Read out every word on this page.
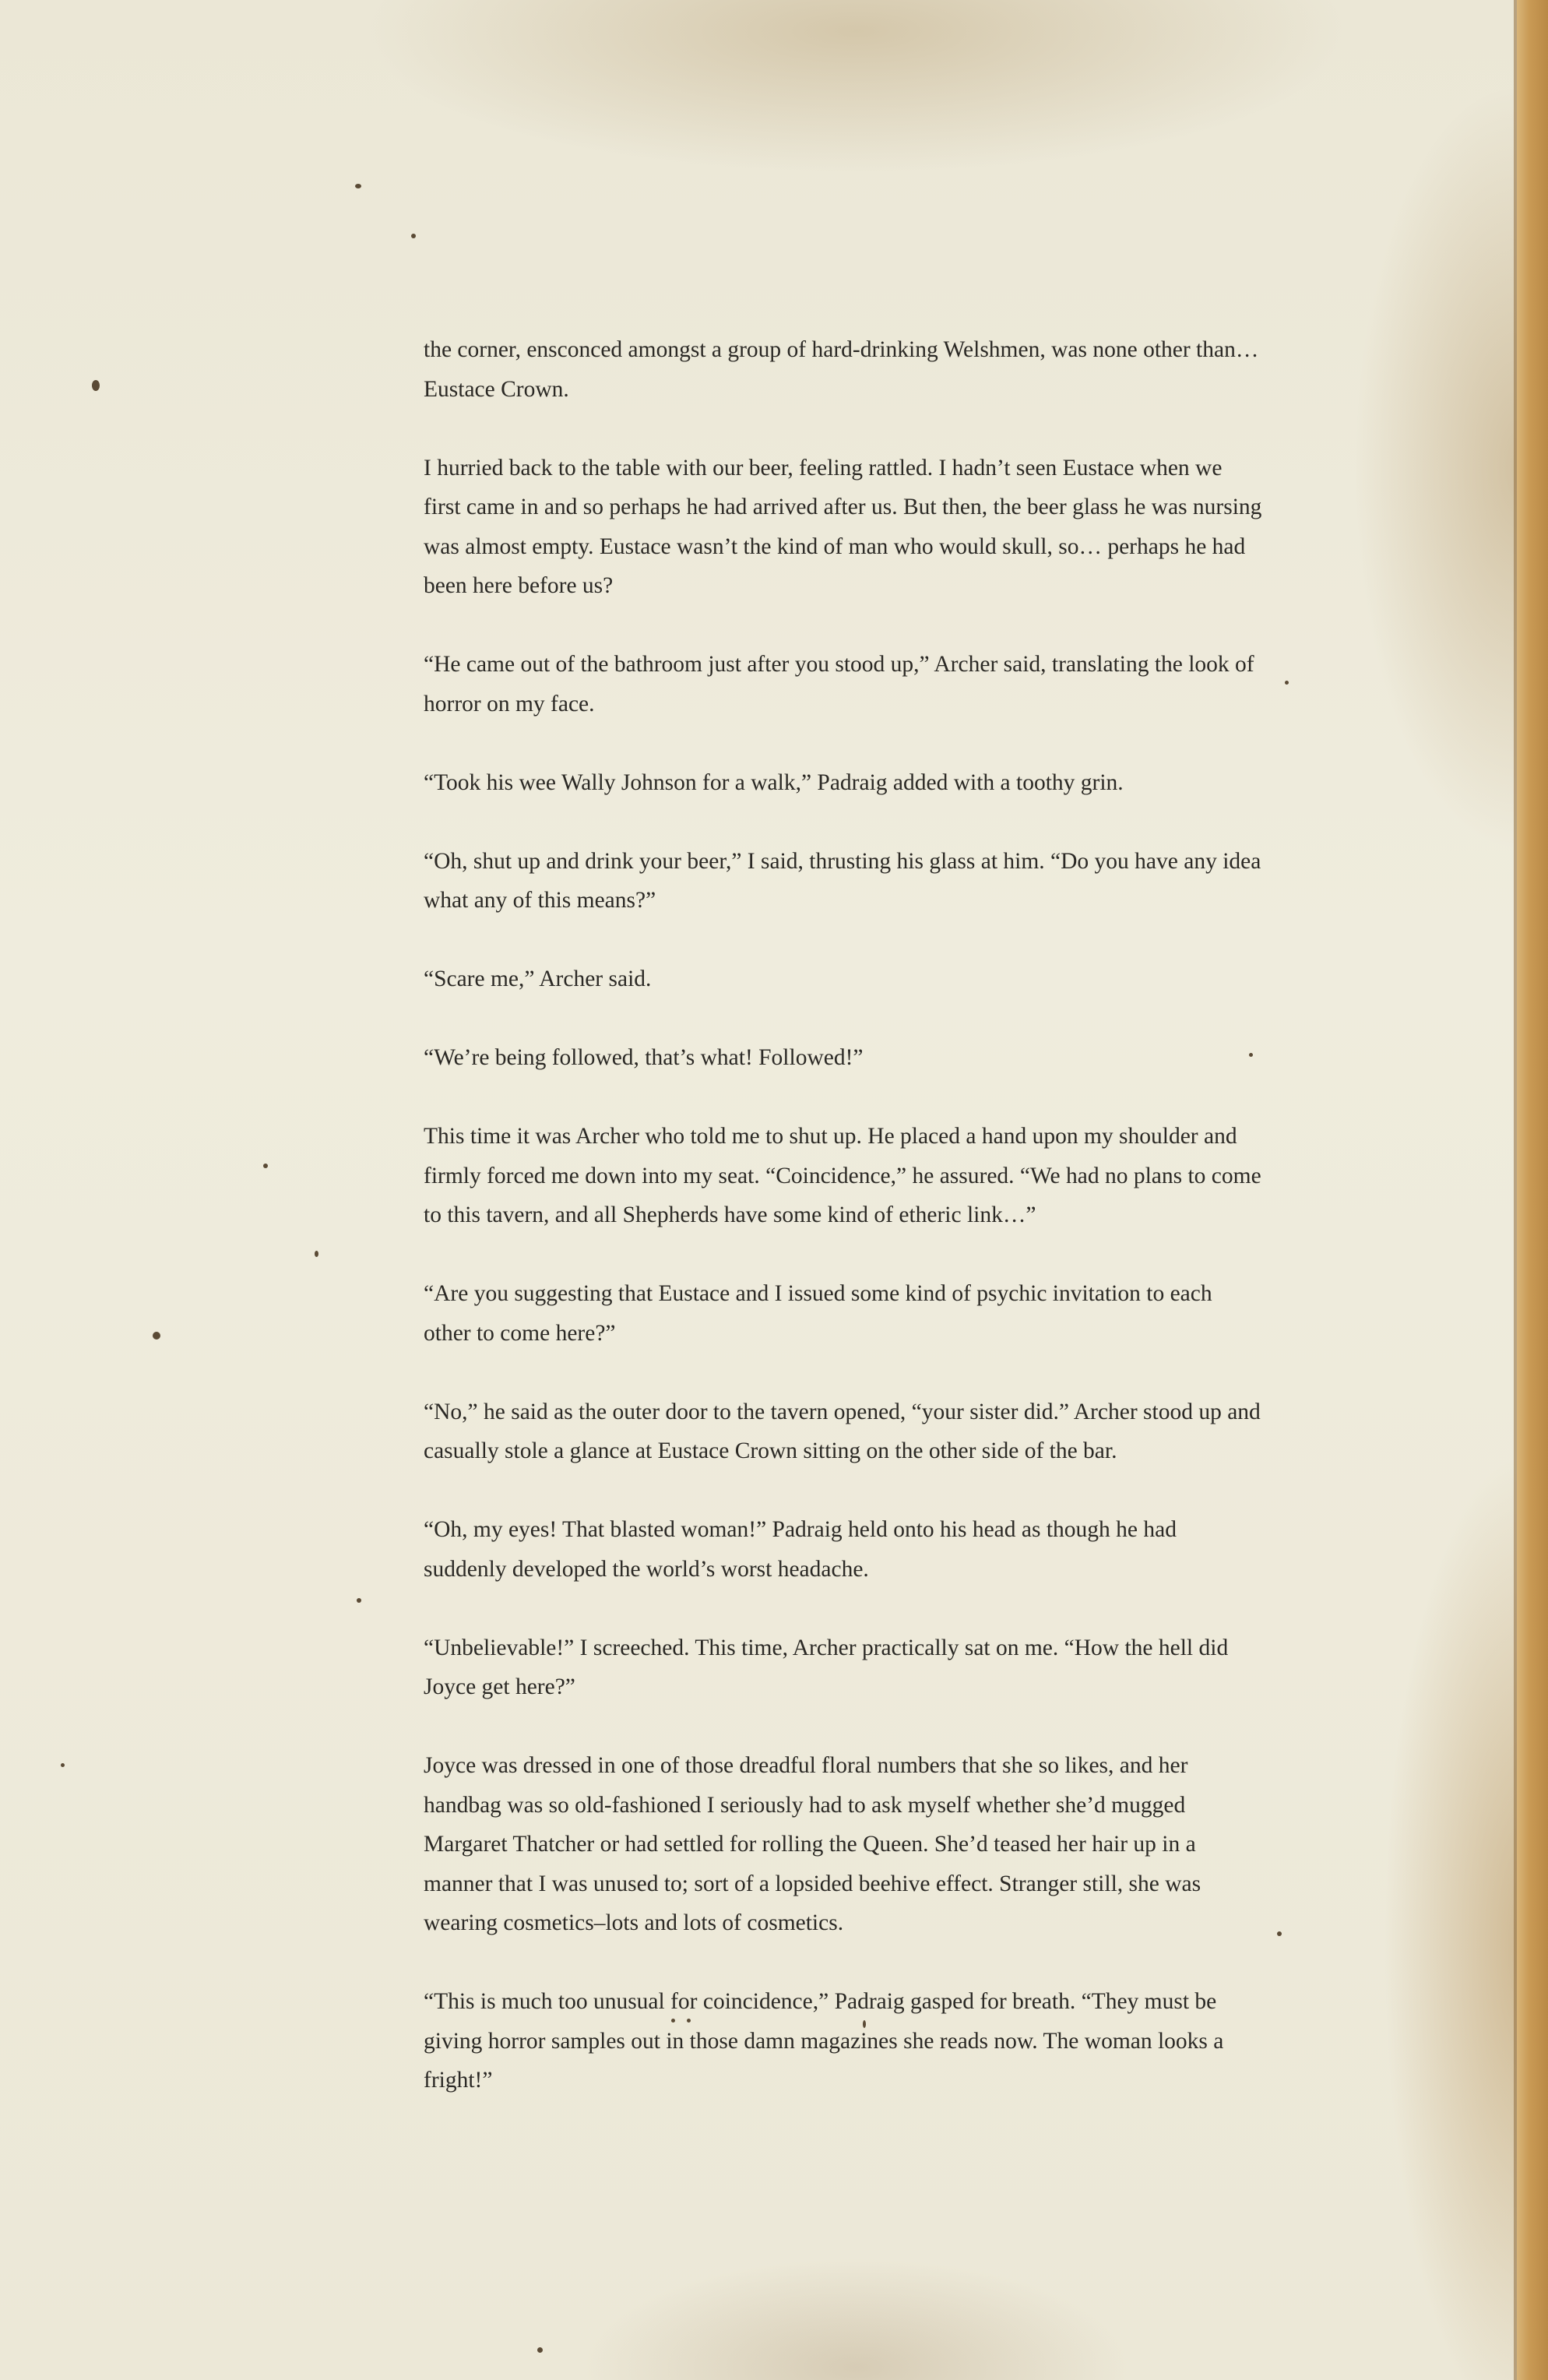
the corner, ensconced amongst a group of hard-drinking Welshmen, was none other than… Eustace Crown.

I hurried back to the table with our beer, feeling rattled. I hadn’t seen Eustace when we first came in and so perhaps he had arrived after us. But then, the beer glass he was nursing was almost empty. Eustace wasn’t the kind of man who would skull, so… perhaps he had been here before us?

“He came out of the bathroom just after you stood up,” Archer said, translating the look of horror on my face.

“Took his wee Wally Johnson for a walk,” Padraig added with a toothy grin.

“Oh, shut up and drink your beer,” I said, thrusting his glass at him. “Do you have any idea what any of this means?”

“Scare me,” Archer said.

“We’re being followed, that’s what! Followed!”

This time it was Archer who told me to shut up. He placed a hand upon my shoulder and firmly forced me down into my seat. “Coincidence,” he assured. “We had no plans to come to this tavern, and all Shepherds have some kind of etheric link…”

“Are you suggesting that Eustace and I issued some kind of psychic invitation to each other to come here?”

“No,” he said as the outer door to the tavern opened, “your sister did.” Archer stood up and casually stole a glance at Eustace Crown sitting on the other side of the bar.

“Oh, my eyes! That blasted woman!” Padraig held onto his head as though he had suddenly developed the world’s worst headache.

“Unbelievable!” I screeched. This time, Archer practically sat on me. “How the hell did Joyce get here?”

Joyce was dressed in one of those dreadful floral numbers that she so likes, and her handbag was so old-fashioned I seriously had to ask myself whether she’d mugged Margaret Thatcher or had settled for rolling the Queen. She’d teased her hair up in a manner that I was unused to; sort of a lopsided beehive effect. Stranger still, she was wearing cosmetics–lots and lots of cosmetics.

“This is much too unusual for coincidence,” Padraig gasped for breath. “They must be giving horror samples out in those damn magazines she reads now. The woman looks a fright!”
